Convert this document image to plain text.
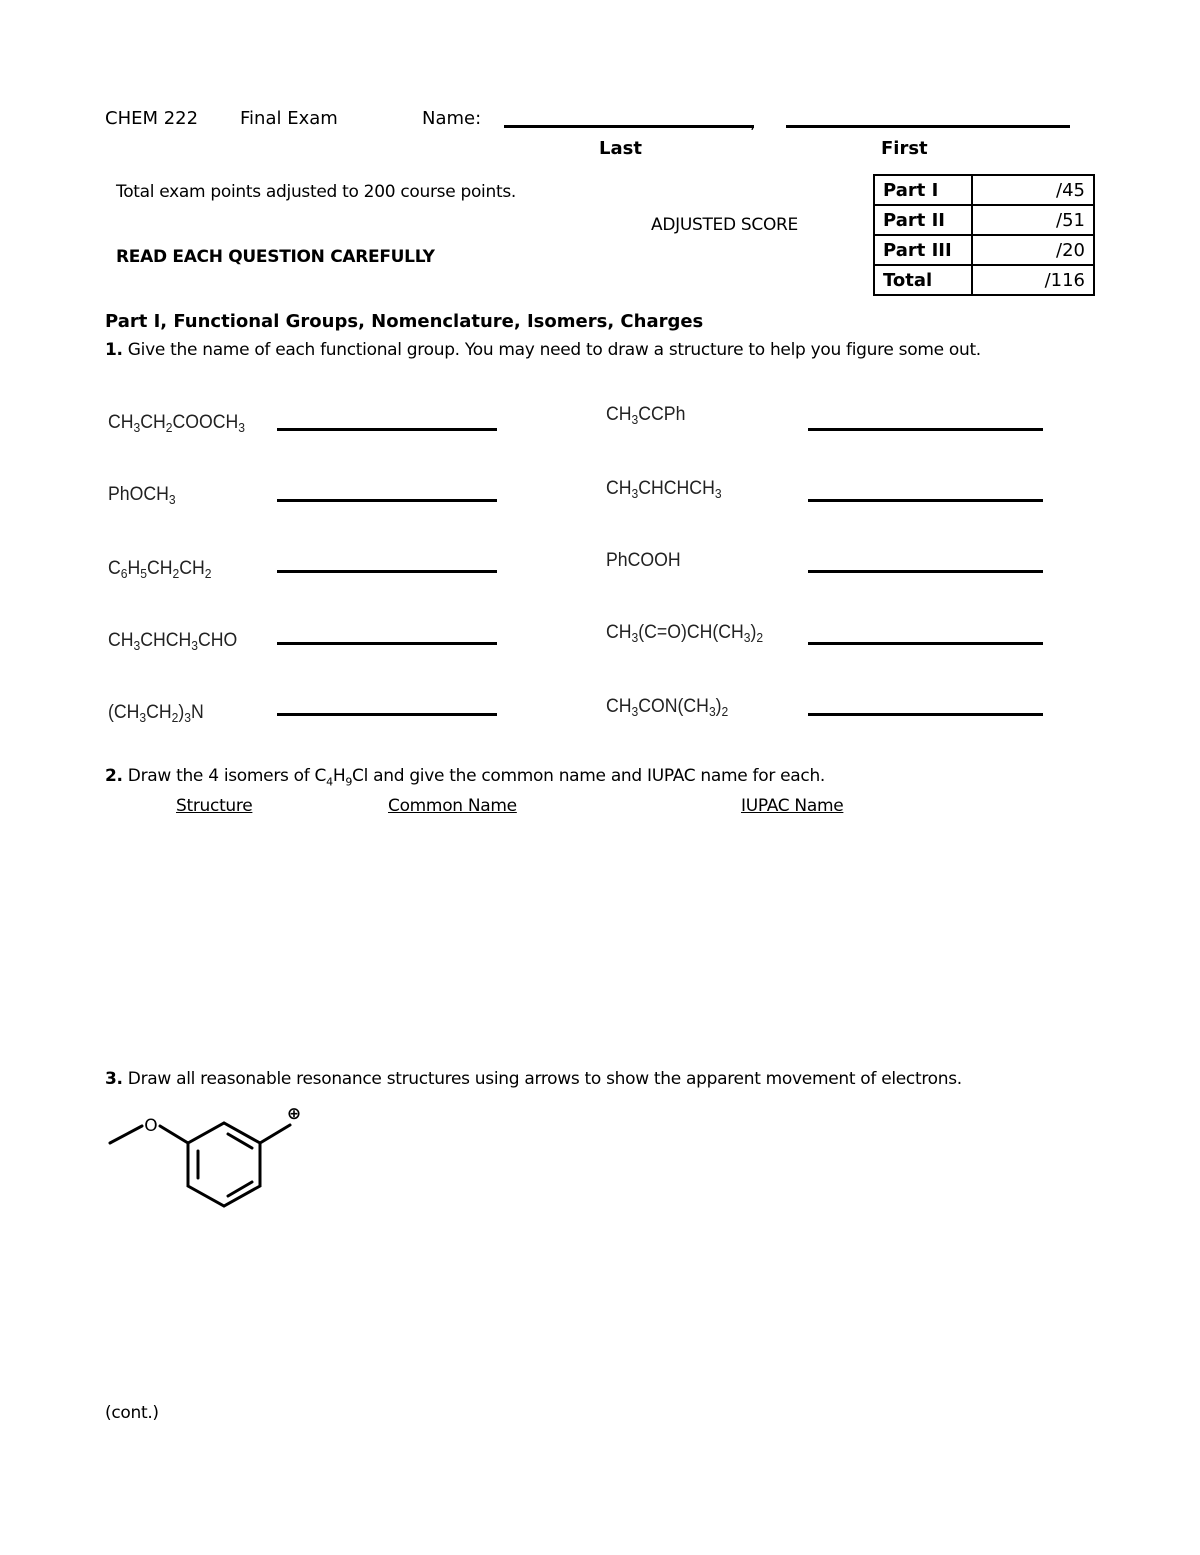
CHEM 222 Final Exam	Name:	,
Last	First
Total exam points adjusted to 200 course points.
ADJUSTED SCORE
READ EACH QUESTION CAREFULLY
Part I	/45
Part II	/51
Part III	/20
Total	/116
Part I, Functional Groups, Nomenclature, Isomers, Charges
1. Give the name of each functional group. You may need to draw a structure to help you figure some out.
$CH_3CH_2COOCH_3$
PhOCH$_3$
$C_6H_5CH_2CH_2$
$CH_3CHCH_3CHO$
$(CH_3CH_2)_3N$
$CH_3CCPh$
$CH_3CHCHCH_3$
PhCOOH
$CH_3(C=O)CH(CH_3)_2$
$CH_3CON(CH_3)_2$
2. Draw the 4 isomers of $C_4H_9Cl$ and give the common name and IUPAC name for each.
Structure	Common Name	IUPAC Name
3. Draw all reasonable resonance structures using arrows to show the apparent movement of electrons.
O
⊕
(cont.)
